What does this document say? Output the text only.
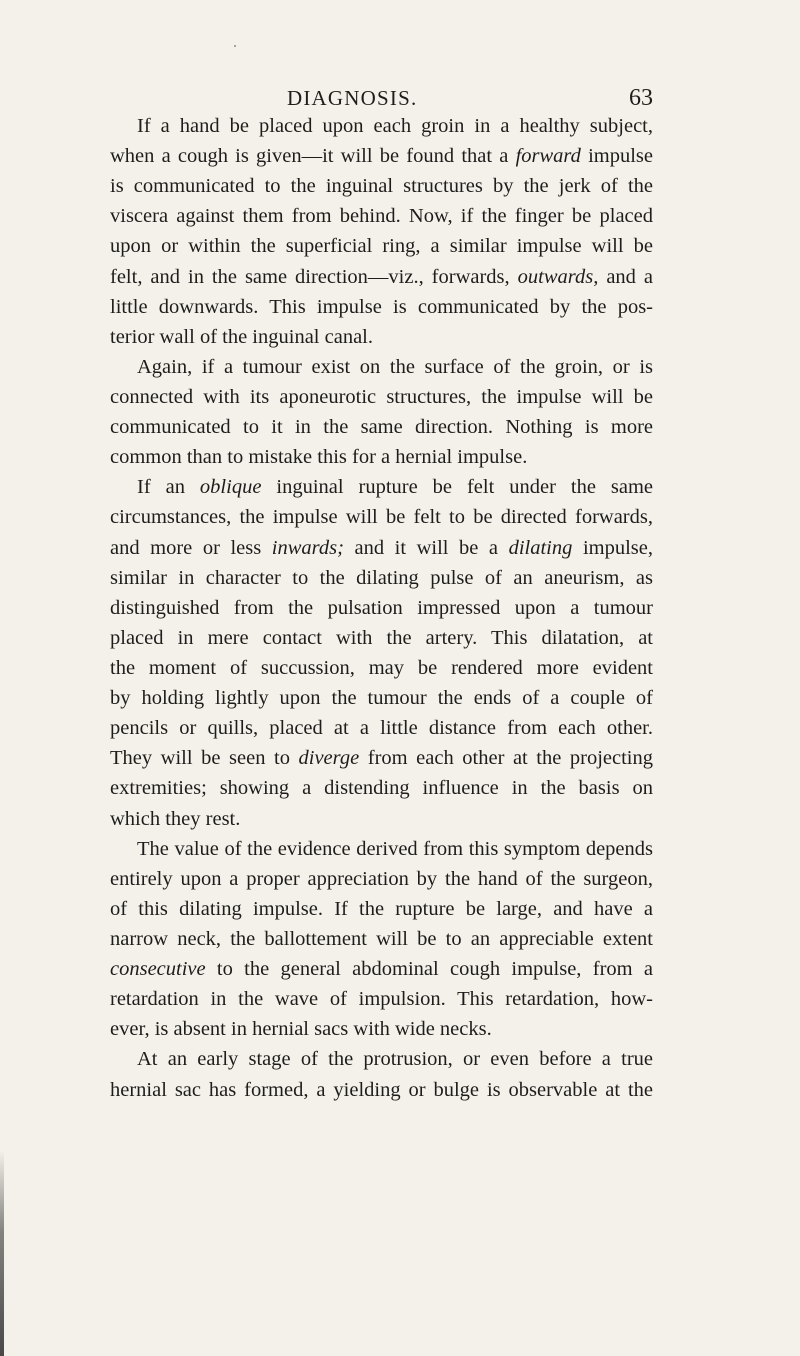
DIAGNOSIS.	63
If a hand be placed upon each groin in a healthy subject,
when a cough is given—it will be found that a forward impulse
is communicated to the inguinal structures by the jerk of the
viscera against them from behind. Now, if the finger be placed
upon or within the superficial ring, a similar impulse will be
felt, and in the same direction—viz., forwards, outwards, and a
little downwards. This impulse is communicated by the pos-
terior wall of the inguinal canal.
Again, if a tumour exist on the surface of the groin, or is
connected with its aponeurotic structures, the impulse will be
communicated to it in the same direction. Nothing is more
common than to mistake this for a hernial impulse.
If an oblique inguinal rupture be felt under the same
circumstances, the impulse will be felt to be directed forwards,
and more or less inwards; and it will be a dilating impulse,
similar in character to the dilating pulse of an aneurism, as
distinguished from the pulsation impressed upon a tumour
placed in mere contact with the artery. This dilatation, at
the moment of succussion, may be rendered more evident
by holding lightly upon the tumour the ends of a couple of
pencils or quills, placed at a little distance from each other.
They will be seen to diverge from each other at the projecting
extremities; showing a distending influence in the basis on
which they rest.
The value of the evidence derived from this symptom depends
entirely upon a proper appreciation by the hand of the surgeon,
of this dilating impulse. If the rupture be large, and have a
narrow neck, the ballottement will be to an appreciable extent
consecutive to the general abdominal cough impulse, from a
retardation in the wave of impulsion. This retardation, how-
ever, is absent in hernial sacs with wide necks.
At an early stage of the protrusion, or even before a true
hernial sac has formed, a yielding or bulge is observable at the
